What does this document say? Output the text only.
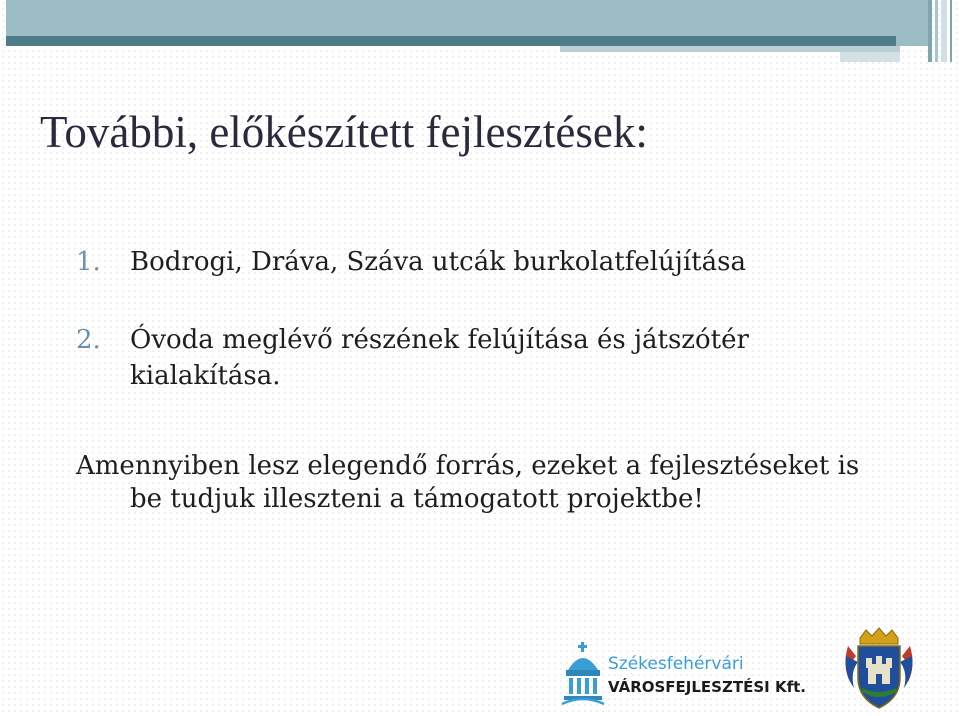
További, előkészített fejlesztések:
1. Bodrogi, Dráva, Száva utcák burkolatfelújítása
2. Óvoda meglévő részének felújítása és játszótér kialakítása.
Amennyiben lesz elegendő forrás, ezeket a fejlesztéseket is
be tudjuk illeszteni a támogatott projektbe!
Székesfehérvári
VÁROSFEJLESZTÉSI Kft.
